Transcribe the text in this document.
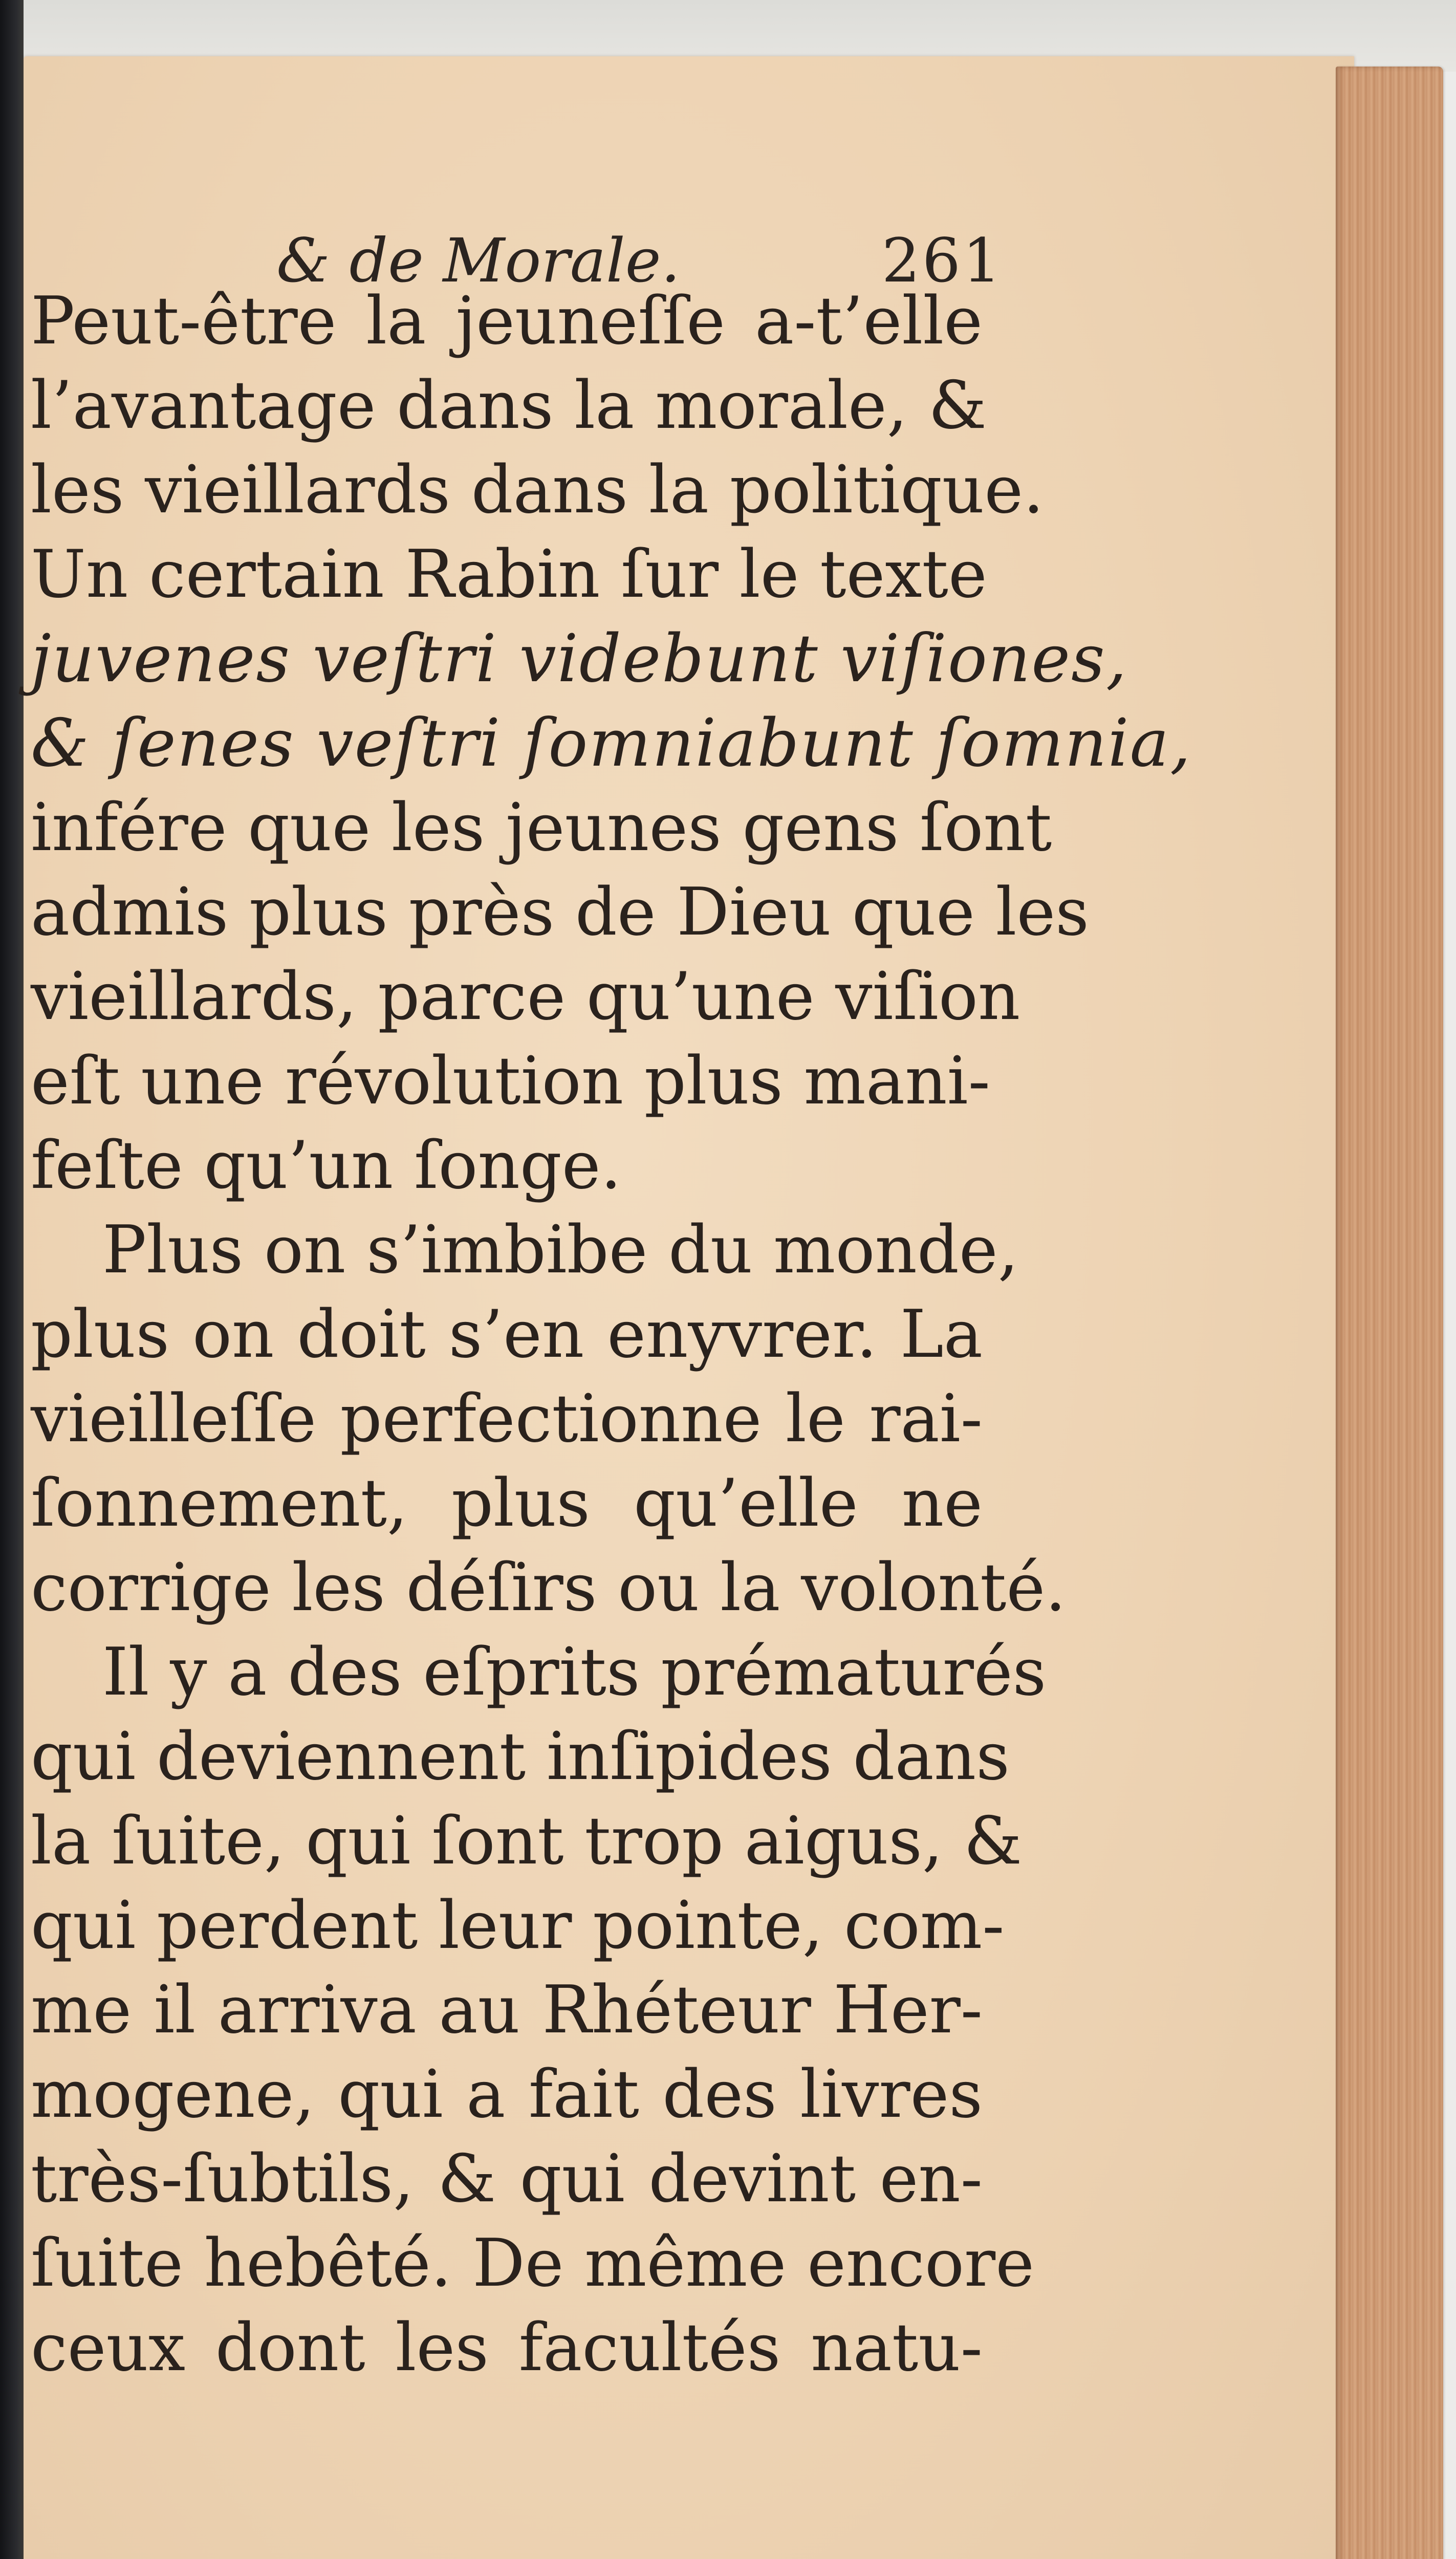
& de Morale.	261
Peut-être la jeuneſſe a-t’elle
l’avantage dans la morale, &
les vieillards dans la politique.
Un certain Rabin ſur le texte
juvenes veſtri videbunt viſiones,
& ſenes veſtri ſomniabunt ſomnia,
infére que les jeunes gens ſont
admis plus près de Dieu que les
vieillards, parce qu’une viſion
eſt une révolution plus mani-
feſte qu’un ſonge.
Plus on s’imbibe du monde,
plus on doit s’en enyvrer. La
vieilleſſe perfectionne le rai-
ſonnement, plus qu’elle ne
corrige les déſirs ou la volonté.
Il y a des eſprits prématurés
qui deviennent inſipides dans
la ſuite, qui ſont trop aigus, &
qui perdent leur pointe, com-
me il arriva au Rhéteur Her-
mogene, qui a fait des livres
très-ſubtils, & qui devint en-
ſuite hebêté. De même encore
ceux dont les facultés natu-
